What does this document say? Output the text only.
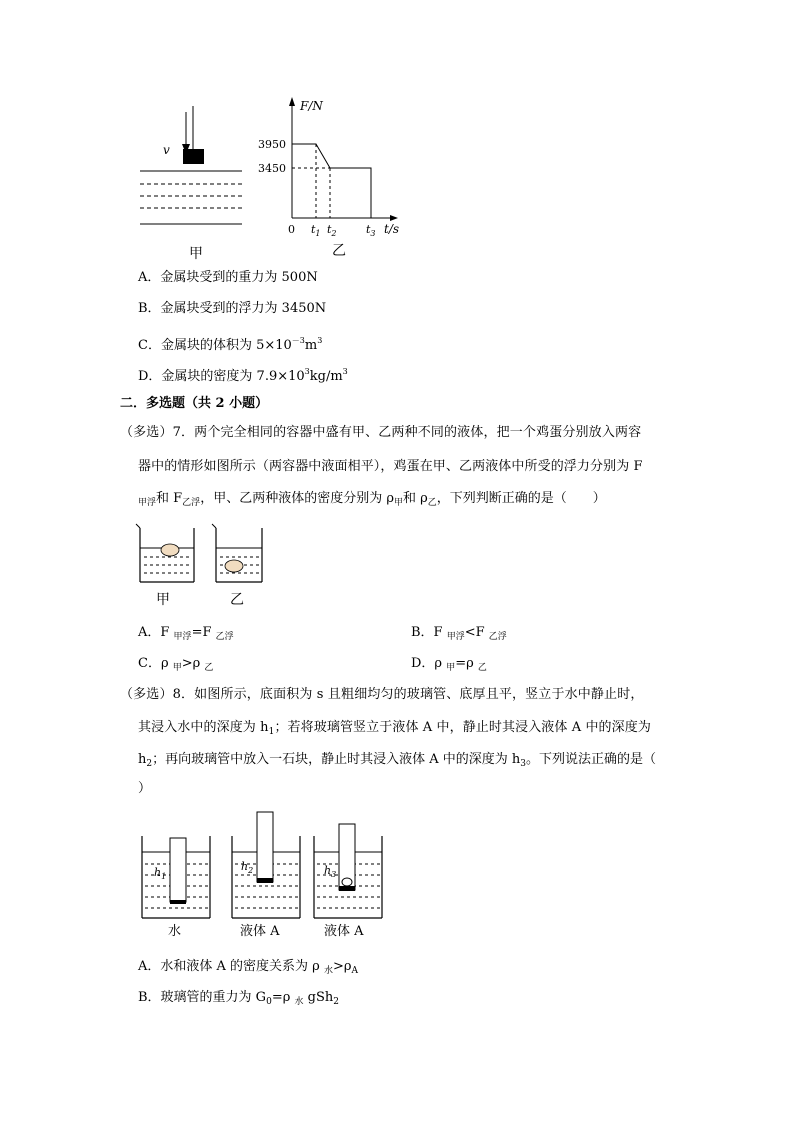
v
甲
F/N
3950
3450
0 $t_1$ $t_2$	$t_3$ t/s
乙
A．金属块受到的重力为 500N
B．金属块受到的浮力为 3450N
C．金属块的体积为 $5\times 10^{-3}m^3$
D．金属块的密度为 $7.9\times 10^3kg/m^3$
二．多选题（共 2 小题）
（多选）7．两个完全相同的容器中盛有甲、乙两种不同的液体，把一个鸡蛋分别放入两容
器中的情形如图所示（两容器中液面相平），鸡蛋在甲、乙两液体中所受的浮力分别为 F
$_{甲浮}$和 $F_{乙浮}$，甲、乙两种液体的密度分别为 $\rho_甲$和 $\rho_乙$，下列判断正确的是（　　）
甲	乙
A．F $_{甲浮}$=F $_{乙浮}$	B．F $_{甲浮}$<F $_{乙浮}$
C．ρ $_甲$>ρ $_乙$	D．ρ $_甲$=ρ $_乙$
（多选）8．如图所示，底面积为 s 且粗细均匀的玻璃管、底厚且平，竖立于水中静止时，
其浸入水中的深度为 $h_1$；若将玻璃管竖立于液体 A 中，静止时其浸入液体 A 中的深度为
$h_2$；再向玻璃管中放入一石块，静止时其浸入液体 A 中的深度为 $h_3$。下列说法正确的是（
）
$h_1$
水
$h_2$
液体 A
$h_3$
液体 A
A．水和液体 A 的密度关系为 ρ $_水>\rho_A$
B．玻璃管的重力为 $G_0=\rho$ $_水$ gSh$_2$
